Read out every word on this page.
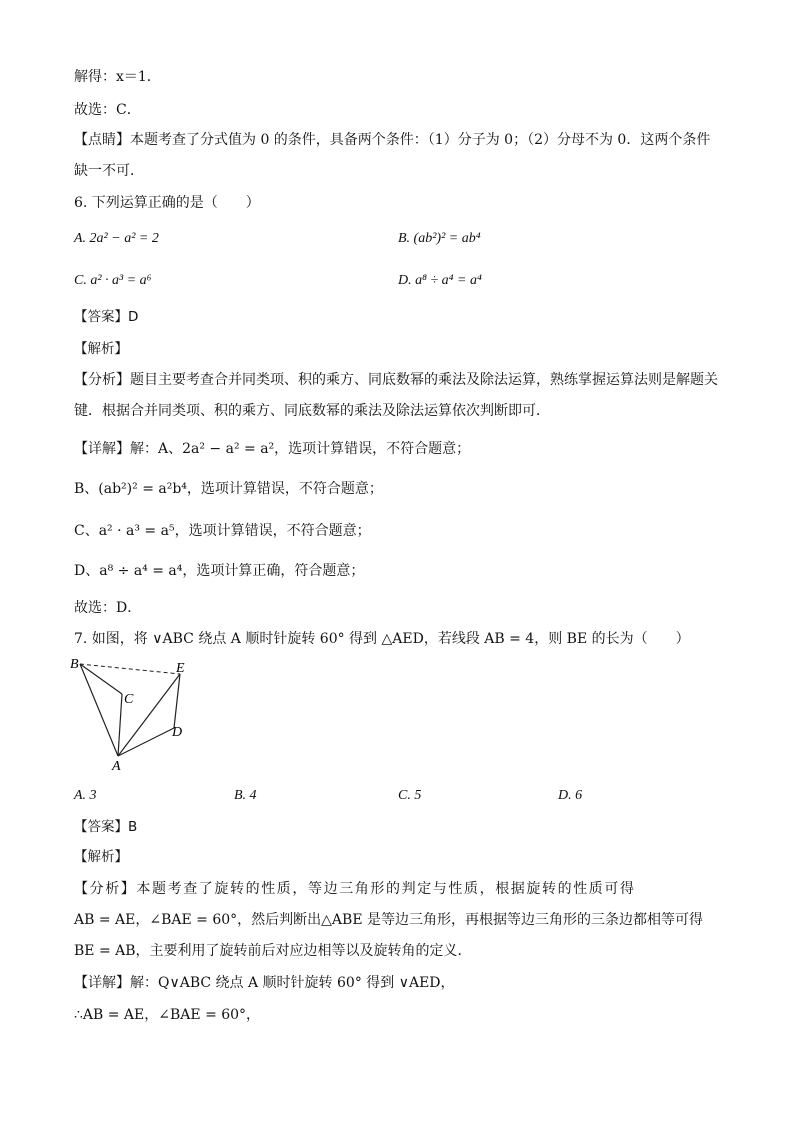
解得：x＝1．
故选：C．
【点睛】本题考查了分式值为 0 的条件，具备两个条件：（1）分子为 0；（2）分母不为 0．这两个条件
缺一不可．
6. 下列运算正确的是（　　）
A. 2a² − a² = 2	B. (ab²)² = ab⁴
C. a² · a³ = a⁶	D. a⁸ ÷ a⁴ = a⁴
【答案】D
【解析】
【分析】题目主要考查合并同类项、积的乘方、同底数幂的乘法及除法运算，熟练掌握运算法则是解题关
键．根据合并同类项、积的乘方、同底数幂的乘法及除法运算依次判断即可．
【详解】解：A、2a² − a² = a²，选项计算错误，不符合题意；
B、(ab²)² = a²b⁴，选项计算错误，不符合题意；
C、a² · a³ = a⁵，选项计算错误，不符合题意；
D、a⁸ ÷ a⁴ = a⁴，选项计算正确，符合题意；
故选：D．
7. 如图，将 ∨ABC 绕点 A 顺时针旋转 60° 得到 △AED，若线段 AB = 4，则 BE 的长为（　　）
B	E
C
D
A
A. 3	B. 4	C. 5	D. 6
【答案】B
【解析】
【分析】本题考查了旋转的性质，等边三角形的判定与性质，根据旋转的性质可得
AB = AE，∠BAE = 60°，然后判断出△ABE 是等边三角形，再根据等边三角形的三条边都相等可得
BE = AB，主要利用了旋转前后对应边相等以及旋转角的定义．
【详解】解：Q∨ABC 绕点 A 顺时针旋转 60° 得到 ∨AED，
∴AB = AE，∠BAE = 60°，
